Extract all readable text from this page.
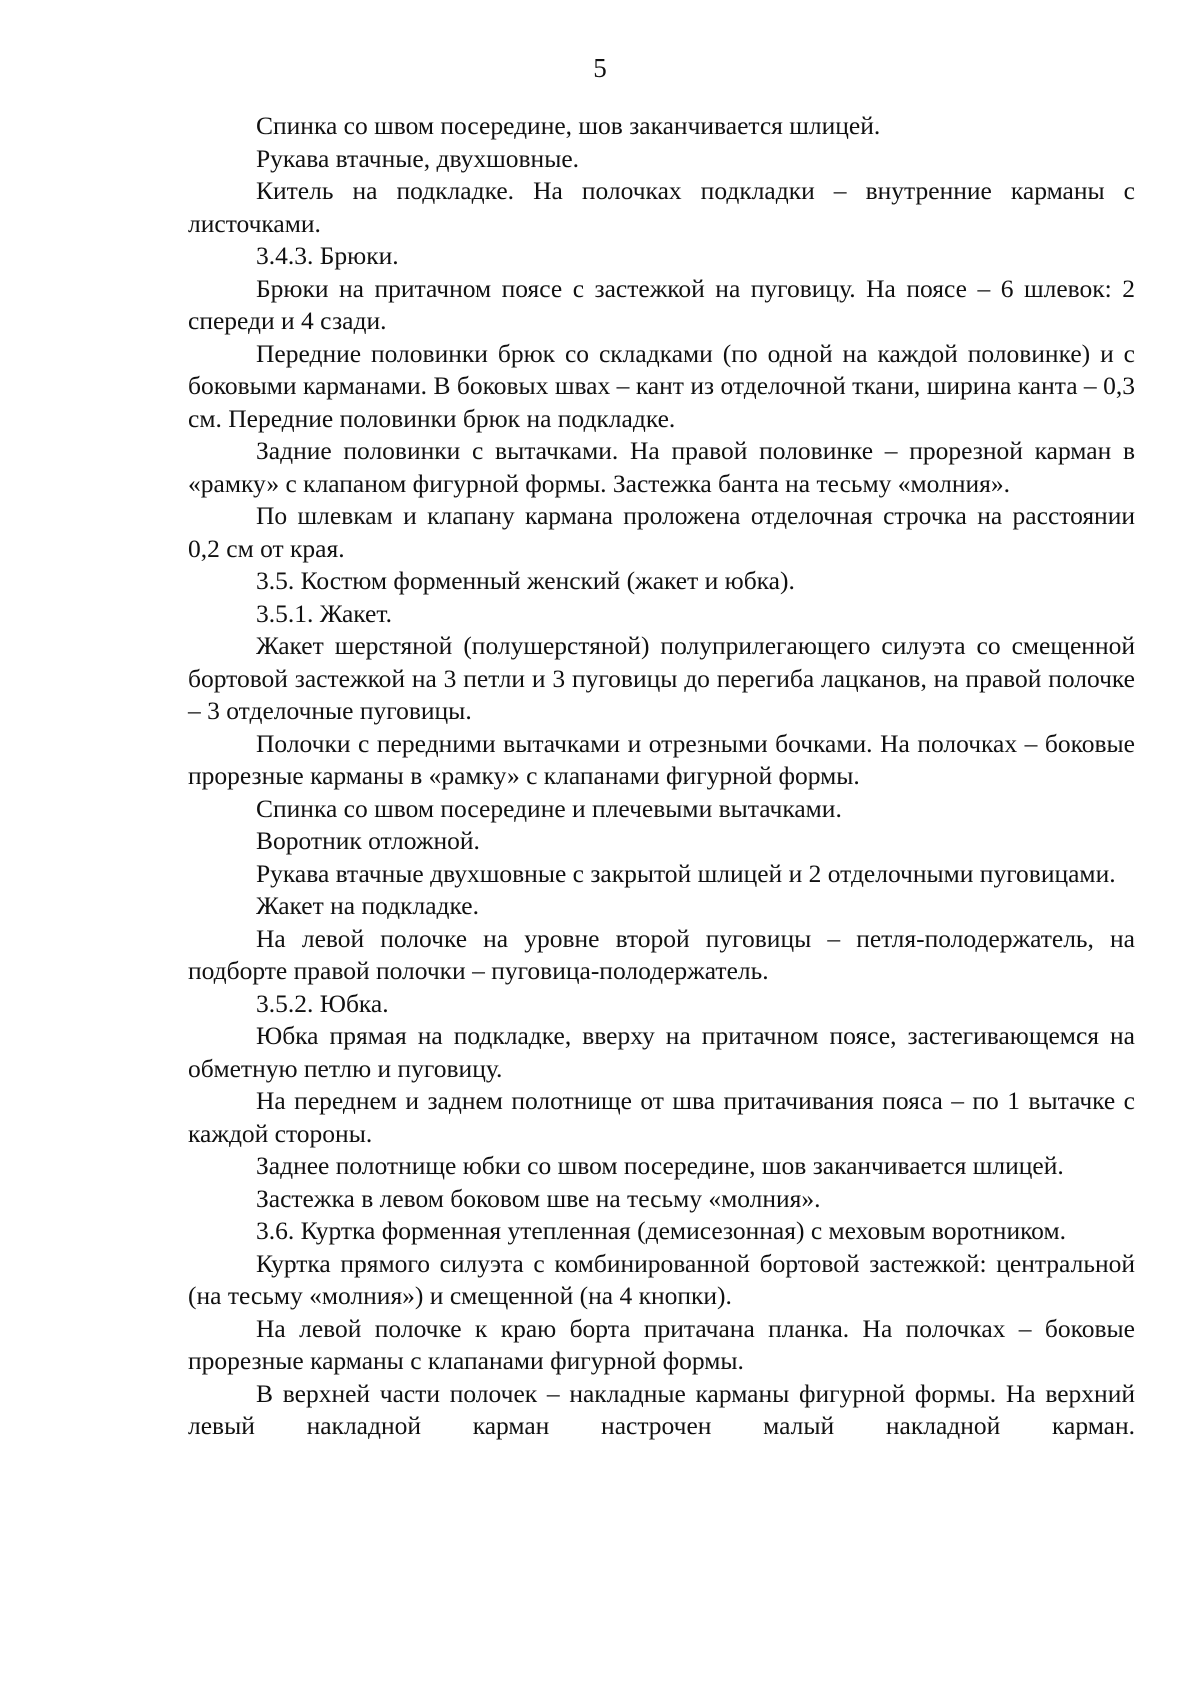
5

Спинка со швом посередине, шов заканчивается шлицей.

Рукава втачные, двухшовные.

Китель на подкладке. На полочках подкладки – внутренние карманы с листочками.

3.4.3. Брюки.

Брюки на притачном поясе с застежкой на пуговицу. На поясе – 6 шлевок: 2 спереди и 4 сзади.

Передние половинки брюк со складками (по одной на каждой половинке) и с боковыми карманами. В боковых швах – кант из отделочной ткани, ширина канта – 0,3 см. Передние половинки брюк на подкладке.

Задние половинки с вытачками. На правой половинке – прорезной карман в «рамку» с клапаном фигурной формы. Застежка банта на тесьму «молния».

По шлевкам и клапану кармана проложена отделочная строчка на расстоянии 0,2 см от края.

3.5. Костюм форменный женский (жакет и юбка).

3.5.1. Жакет.

Жакет шерстяной (полушерстяной) полуприлегающего силуэта со смещенной бортовой застежкой на 3 петли и 3 пуговицы до перегиба лацканов, на правой полочке – 3 отделочные пуговицы.

Полочки с передними вытачками и отрезными бочками. На полочках – боковые прорезные карманы в «рамку» с клапанами фигурной формы.

Спинка со швом посередине и плечевыми вытачками.

Воротник отложной.

Рукава втачные двухшовные с закрытой шлицей и 2 отделочными пуговицами.

Жакет на подкладке.

На левой полочке на уровне второй пуговицы – петля-полодержатель, на подборте правой полочки – пуговица-полодержатель.

3.5.2. Юбка.

Юбка прямая на подкладке, вверху на притачном поясе, застегивающемся на обметную петлю и пуговицу.

На переднем и заднем полотнище от шва притачивания пояса – по 1 вытачке с каждой стороны.

Заднее полотнище юбки со швом посередине, шов заканчивается шлицей.

Застежка в левом боковом шве на тесьму «молния».

3.6. Куртка форменная утепленная (демисезонная) с меховым воротником.

Куртка прямого силуэта с комбинированной бортовой застежкой: центральной (на тесьму «молния») и смещенной (на 4 кнопки).

На левой полочке к краю борта притачана планка. На полочках – боковые прорезные карманы с клапанами фигурной формы.

В верхней части полочек – накладные карманы фигурной формы. На верхний левый накладной карман настрочен малый накладной карман.
